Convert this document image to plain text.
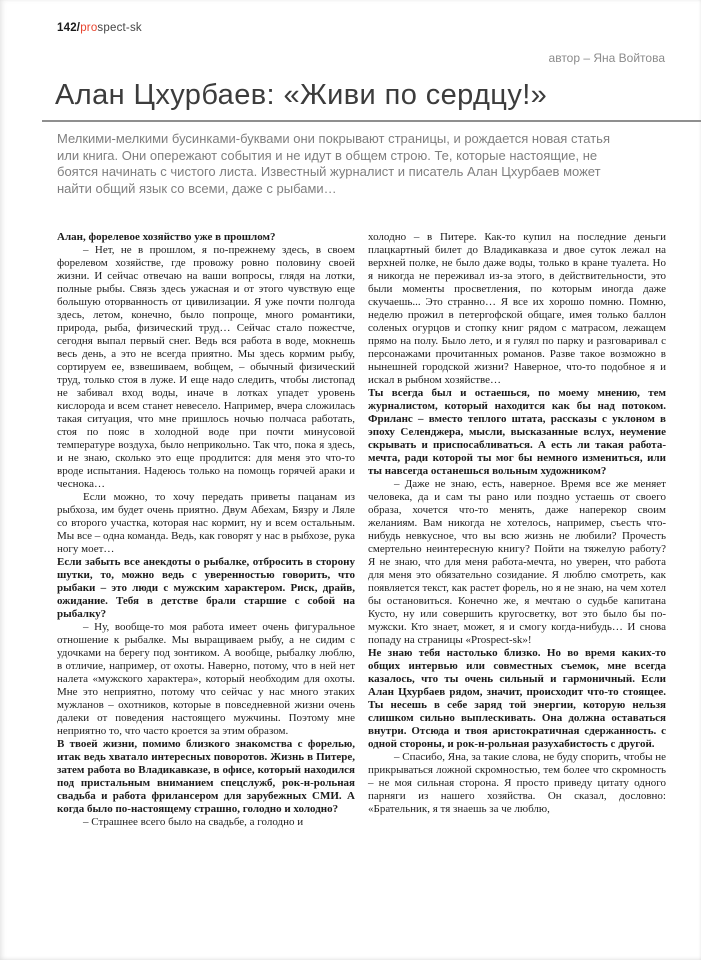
142/prospect-sk
автор – Яна Войтова
Алан Цхурбаев: «Живи по сердцу!»
Мелкими-мелкими бусинками-буквами они покрывают страницы, и рождается новая статья или книга. Они опережают события и не идут в общем строю. Те, которые настоящие, не боятся начинать с чистого листа. Известный журналист и писатель Алан Цхурбаев может найти общий язык со всеми, даже с рыбами…

Алан, форелевое хозяйство уже в прошлом?

– Нет, не в прошлом, я по-прежнему здесь, в своем форелевом хозяйстве, где провожу ровно половину своей жизни. И сейчас отвечаю на ваши вопросы, глядя на лотки, полные рыбы. Связь здесь ужасная и от этого чувствую еще большую оторванность от цивилизации. Я уже почти полгода здесь, летом, конечно, было попроще, много романтики, природа, рыба, физический труд… Сейчас стало пожестче, сегодня выпал первый снег. Ведь вся работа в воде, мокнешь весь день, а это не всегда приятно. Мы здесь кормим рыбу, сортируем ее, взвешиваем, вобщем, – обычный физический труд, только стоя в луже. И еще надо следить, чтобы листопад не забивал вход воды, иначе в лотках упадет уровень кислорода и всем станет невесело. Например, вчера сложилась такая ситуация, что мне пришлось ночью полчаса работать, стоя по пояс в холодной воде при почти минусовой температуре воздуха, было неприкольно. Так что, пока я здесь, и не знаю, сколько это еще продлится: для меня это что-то вроде испытания. Надеюсь только на помощь горячей араки и чеснока…

Если можно, то хочу передать приветы пацанам из рыбхоза, им будет очень приятно. Двум Абехам, Бязру и Ляле со второго участка, которая нас кормит, ну и всем остальным. Мы все – одна команда. Ведь, как говорят у нас в рыбхозе, рука ногу моет…

Если забыть все анекдоты о рыбалке, отбросить в сторону шутки, то, можно ведь с уверенностью говорить, что рыбаки – это люди с мужским характером. Риск, драйв, ожидание. Тебя в детстве брали старшие с собой на рыбалку?

– Ну, вообще-то моя работа имеет очень фигуральное отношение к рыбалке. Мы выращиваем рыбу, а не сидим с удочками на берегу под зонтиком. А вообще, рыбалку люблю, в отличие, например, от охоты. Наверно, потому, что в ней нет налета «мужского характера», который необходим для охоты. Мне это неприятно, потому что сейчас у нас много этаких мужланов – охотников, которые в повседневной жизни очень далеки от поведения настоящего мужчины. Поэтому мне неприятно то, что часто кроется за этим образом.

В твоей жизни, помимо близкого знакомства с форелью, итак ведь хватало интересных поворотов. Жизнь в Питере, затем работа во Владикавказе, в офисе, который находился под пристальным вниманием спецслужб, рок-н-рольная свадьба и работа фрилансером для зарубежных СМИ. А когда было по-настоящему страшно, голодно и холодно?

– Страшнее всего было на свадьбе, а голодно и

холодно – в Питере. Как-то купил на последние деньги плацкартный билет до Владикавказа и двое суток лежал на верхней полке, не было даже воды, только в кране туалета. Но я никогда не переживал из-за этого, в действительности, это были моменты просветления, по которым иногда даже скучаешь... Это странно… Я все их хорошо помню. Помню, неделю прожил в петергофской общаге, имея только баллон соленых огурцов и стопку книг рядом с матрасом, лежащем прямо на полу. Было лето, и я гулял по парку и разговаривал с персонажами прочитанных романов. Разве такое возможно в нынешней городской жизни? Наверное, что-то подобное я и искал в рыбном хозяйстве…

Ты всегда был и остаешься, по моему мнению, тем журналистом, который находится как бы над потоком. Фриланс – вместо теплого штата, рассказы с уклоном в эпоху Селенджера, мысли, высказанные вслух, неумение скрывать и приспосабливаться. А есть ли такая работа-мечта, ради которой ты мог бы немного измениться, или ты навсегда останешься вольным художником?

– Даже не знаю, есть, наверное. Время все же меняет человека, да и сам ты рано или поздно устаешь от своего образа, хочется что-то менять, даже наперекор своим желаниям. Вам никогда не хотелось, например, съесть что-нибудь невкусное, что вы всю жизнь не любили? Прочесть смертельно неинтересную книгу? Пойти на тяжелую работу? Я не знаю, что для меня работа-мечта, но уверен, что работа для меня это обязательно созидание. Я люблю смотреть, как появляется текст, как растет форель, но я не знаю, на чем хотел бы остановиться. Конечно же, я мечтаю о судьбе капитана Кусто, ну или совершить кругосветку, вот это было бы по-мужски. Кто знает, может, я и смогу когда-нибудь… И снова попаду на страницы «Prospect-sk»!

Не знаю тебя настолько близко. Но во время каких-то общих интервью или совместных съемок, мне всегда казалось, что ты очень сильный и гармоничный. Если Алан Цхурбаев рядом, значит, происходит что-то стоящее. Ты несешь в себе заряд той энергии, которую нельзя слишком сильно выплескивать. Она должна оставаться внутри. Отсюда и твоя аристократичная сдержанность. с одной стороны, и рок-н-рольная разухабистость с другой.

– Спасибо, Яна, за такие слова, не буду спорить, чтобы не прикрываться ложной скромностью, тем более что скромность – не моя сильная сторона. Я просто приведу цитату одного парняги из нашего хозяйства. Он сказал, дословно: «Брательник, я тя знаешь за че люблю,
